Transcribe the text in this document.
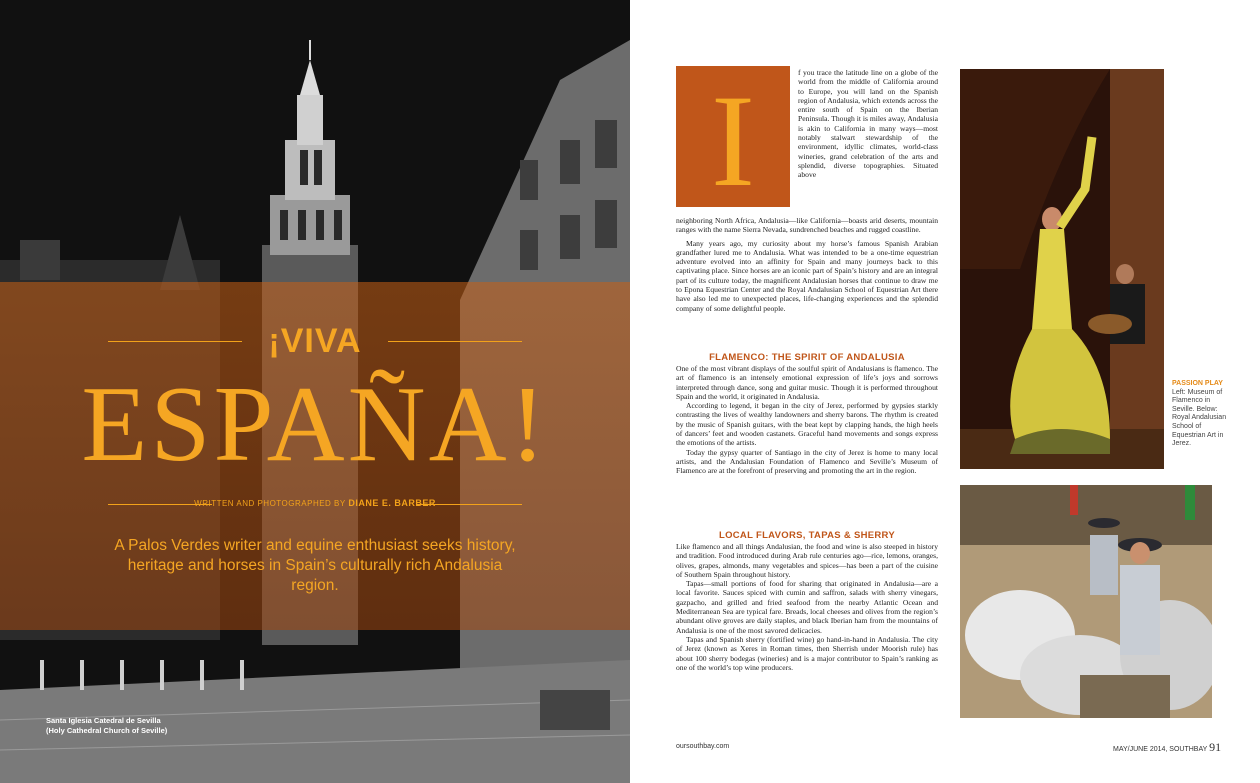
¡VIVA
ESPAÑA!
WRITTEN AND PHOTOGRAPHED BY DIANE E. BARBER
A Palos Verdes writer and equine enthusiast seeks history, heritage and horses in Spain’s culturally rich Andalusia region.
Santa Iglesia Catedral de Sevilla
(Holy Cathedral Church of Seville)
I	f you trace the latitude line on a globe of the world from the middle of California around to Europe, you will land on the Spanish region of Andalusia, which extends across the entire south of Spain on the Iberian Peninsula. Though it is miles away, Andalusia is akin to California in many ways—most notably stalwart stewardship of the environment, idyllic climates, world-class wineries, grand celebration of the arts and splendid, diverse topographies. Situated above

neighboring North Africa, Andalusia—like California—boasts arid deserts, mountain ranges with the name Sierra Nevada, sundrenched beaches and rugged coastline.

Many years ago, my curiosity about my horse’s famous Spanish Arabian grandfather lured me to Andalusia. What was intended to be a one-time equestrian adventure evolved into an affinity for Spain and many journeys back to this captivating place. Since horses are an iconic part of Spain’s history and are an integral part of its culture today, the magnificent Andalusian horses that continue to draw me to Epona Equestrian Center and the Royal Andalusian School of Equestrian Art there have also led me to unexpected places, life-changing experiences and the splendid company of some delightful people.

FLAMENCO: THE SPIRIT OF ANDALUSIA

One of the most vibrant displays of the soulful spirit of Andalusians is flamenco. The art of flamenco is an intensely emotional expression of life’s joys and sorrows interpreted through dance, song and guitar music. Though it is performed throughout Spain and the world, it originated in Andalusia.

According to legend, it began in the city of Jerez, performed by gypsies starkly contrasting the lives of wealthy landowners and sherry barons. The rhythm is created by the music of Spanish guitars, with the beat kept by clapping hands, the high heels of dancers’ feet and wooden castanets. Graceful hand movements and songs express the emotions of the artists.

Today the gypsy quarter of Santiago in the city of Jerez is home to many local artists, and the Andalusian Foundation of Flamenco and Seville’s Museum of Flamenco are at the forefront of preserving and promoting the art in the region.

LOCAL FLAVORS, TAPAS & SHERRY

Like flamenco and all things Andalusian, the food and wine is also steeped in history and tradition. Food introduced during Arab rule centuries ago—rice, lemons, oranges, olives, grapes, almonds, many vegetables and spices—has been a part of the cuisine of Southern Spain throughout history.

Tapas—small portions of food for sharing that originated in Andalusia—are a local favorite. Sauces spiced with cumin and saffron, salads with sherry vinegars, gazpacho, and grilled and fried seafood from the nearby Atlantic Ocean and Mediterranean Sea are typical fare. Breads, local cheeses and olives from the region’s abundant olive groves are daily staples, and black Iberian ham from the mountains of Andalusia is one of the most savored delicacies.

Tapas and Spanish sherry (fortified wine) go hand-in-hand in Andalusia. The city of Jerez (known as Xeres in Roman times, then Sherrish under Moorish rule) has about 100 sherry bodegas (wineries) and is a major contributor to Spain’s ranking as one of the world’s top wine producers.

PASSION PLAY
Left: Museum of Flamenco in Seville. Below: Royal Andalusian School of Equestrian Art in Jerez.
oursouthbay.com	MAY/JUNE 2014, SOUTHBAY 91
